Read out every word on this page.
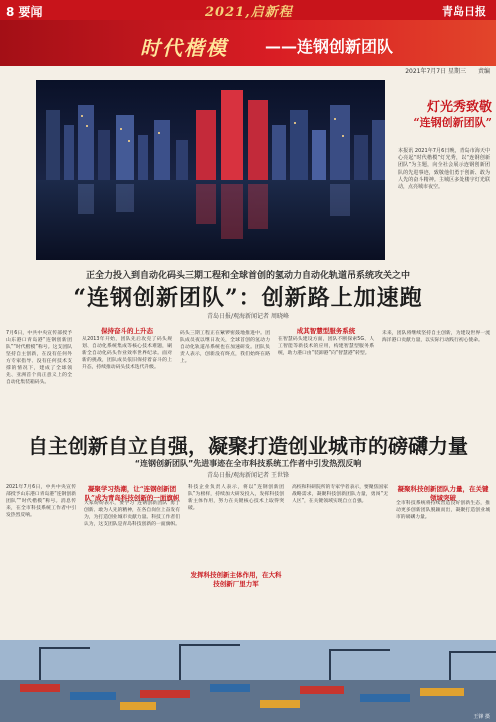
8 要闻	2021,启新程	青岛日报
时代楷模 ——连钢创新团队
2021年7月7日 星期三 责编
灯光秀致敬
“连钢创新团队”
本报讯 2021年7月6日晚，青岛市海天中心亮起“时代楷模”灯光秀，以“连钢创新团队”为主题，向全社会展示连钢创新团队的先进事迹，致敬他们勇于创新、敢为人先的奋斗精神。主城区多处楼宇灯光联动，点亮城市夜空。
正全力投入到自动化码头三期工程和全球首创的氢动力自动化轨道吊系统攻关之中
“连钢创新团队”：创新路上加速跑
青岛日报/观海新闻记者 周晓峰
7月6日，中共中央宣传部授予山东港口青岛港“连钢创新团队”“时代楷模”称号。这支团队坚持自主创新，在没有任何外方专家指导、没有任何技术支撑的情况下，建成了全球领先、亚洲首个真正意义上的全自动化集装箱码头。
保持奋斗的上升态
从2013年开始，团队先后攻克了码头规划、自动化系统集成等核心技术难题，刷新全自动化码头作业效率世界纪录。面对新的挑战，团队成员依旧保持着奋斗的上升态，持续推动码头技术迭代升级。
码头三期工程正在紧锣密鼓地推进中。团队成员夜以继日攻关，全球首创的氢动力自动化轨道吊系统也在加速研发。团队负责人表示，创新没有终点，我们始终在路上。
成其智慧型服务系统
在智慧码头建设方面，团队不断探索5G、人工智能等新技术的应用，构建智慧型服务系统，助力港口由“装卸港”向“智慧港”转型。
未来，团队将继续坚持自主创新，为建设世界一流海洋港口贡献力量，以实际行动践行初心使命。
自主创新自立自强，凝聚打造创业城市的磅礴力量
“连钢创新团队”先进事迹在全市科技系统工作者中引发热烈反响
青岛日报/观海新闻记者 王世锋
2021年7月6日，中共中央宣传部授予山东港口青岛港“连钢创新团队”“时代楷模”称号。消息传来，在全市科技系统工作者中引发热烈反响。
凝聚学习热潮，让“连钢创新团队”成为青岛科技创新的一面旗帜
大家纷纷表示，要学习“连钢创新团队”勇于创新、敢为人先的精神，在各自岗位上奋发有为，为打造创业城市贡献力量。科技工作者们认为，这支团队是青岛科技创新的一面旗帜。
发挥科技创新主体作用，在大科技创新厂里力军
科技企业负责人表示，将以“连钢创新团队”为榜样，持续加大研发投入，发挥科技创新主体作用，努力在关键核心技术上取得突破。
高校和科研院所的专家学者表示，要聚焦国家战略需求，凝聚科技创新团队力量，勇闯“无人区”，在关键领域实现自立自强。
凝聚科技创新团队力量，在关键领域突破
全市科技系统将持续营造良好创新生态，推动更多创新团队脱颖而出，凝聚打造创业城市的磅礴力量。
王锋 摄
